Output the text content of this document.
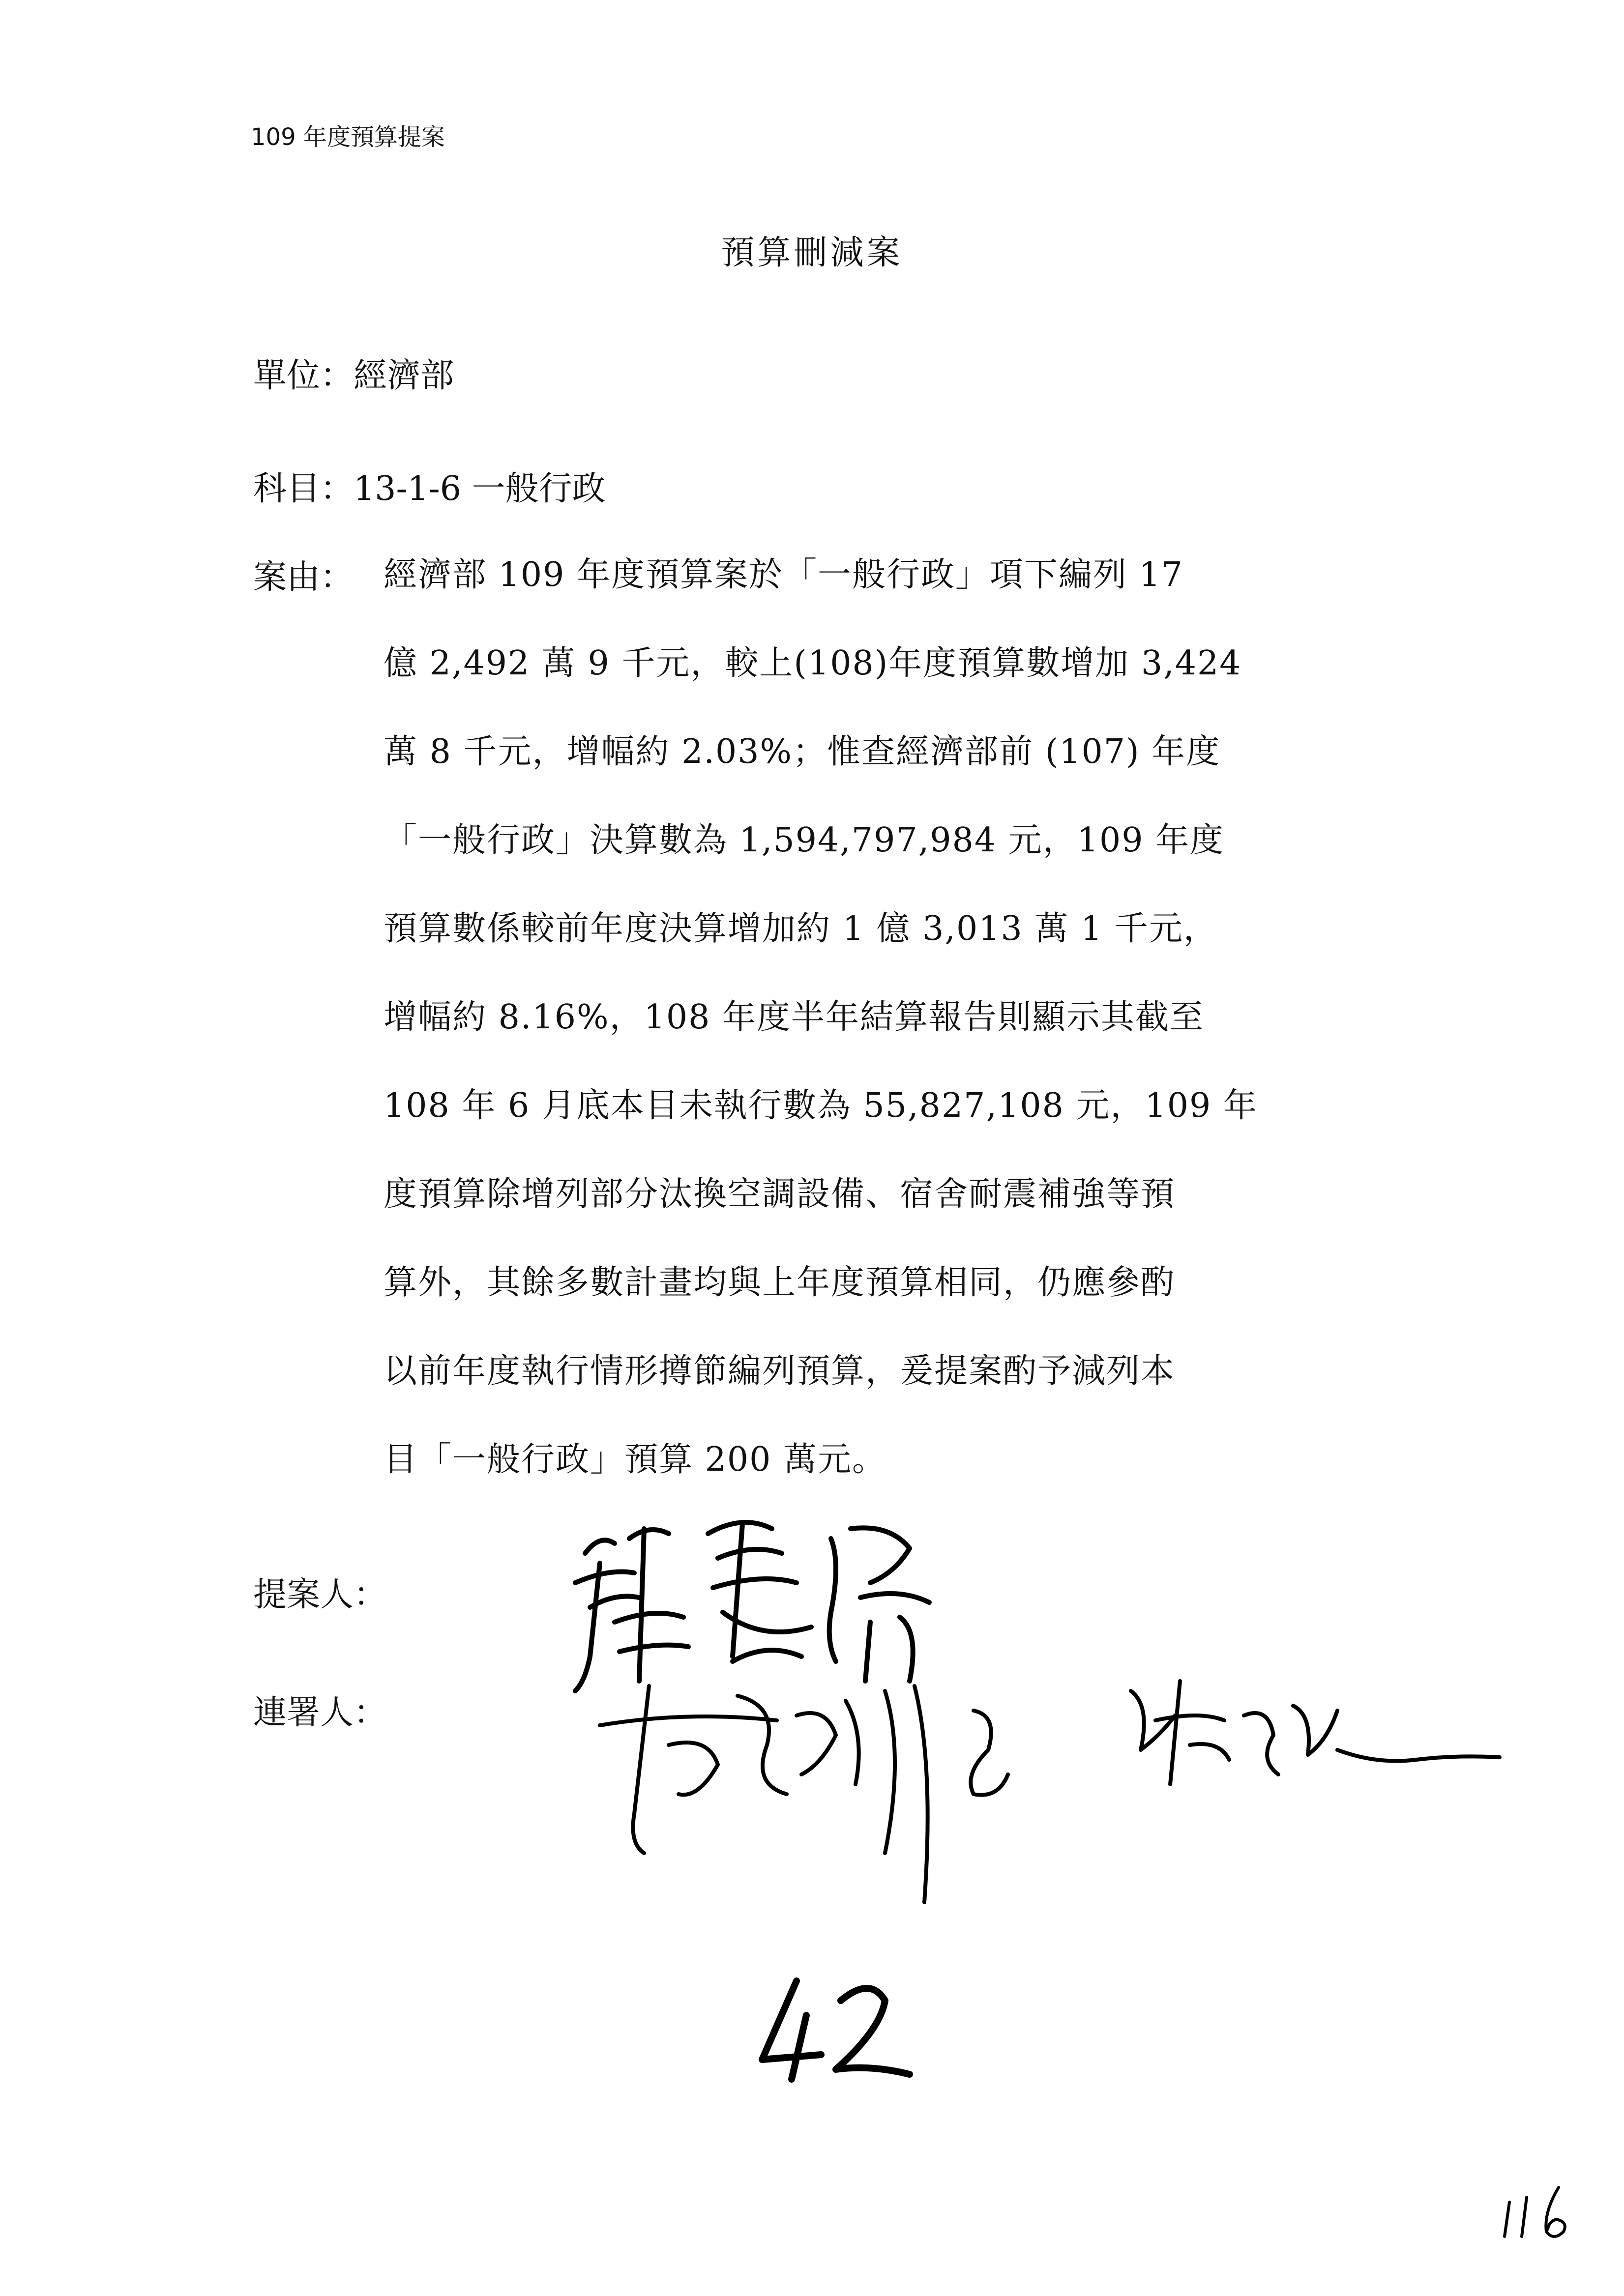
109 年度預算提案
預算刪減案
單位：經濟部
科目：13-1-6 一般行政
案由： 經濟部 109 年度預算案於「一般行政」項下編列 17
億 2,492 萬 9 千元，較上(108)年度預算數增加 3,424
萬 8 千元，增幅約 2.03%；惟查經濟部前 (107) 年度
「一般行政」決算數為 1,594,797,984 元，109 年度
預算數係較前年度決算增加約 1 億 3,013 萬 1 千元，
增幅約 8.16%，108 年度半年結算報告則顯示其截至
108 年 6 月底本目未執行數為 55,827,108 元，109 年
度預算除增列部分汰換空調設備、宿舍耐震補強等預
算外，其餘多數計畫均與上年度預算相同，仍應參酌
以前年度執行情形撙節編列預算，爰提案酌予減列本
目「一般行政」預算 200 萬元。
提案人：
連署人：
